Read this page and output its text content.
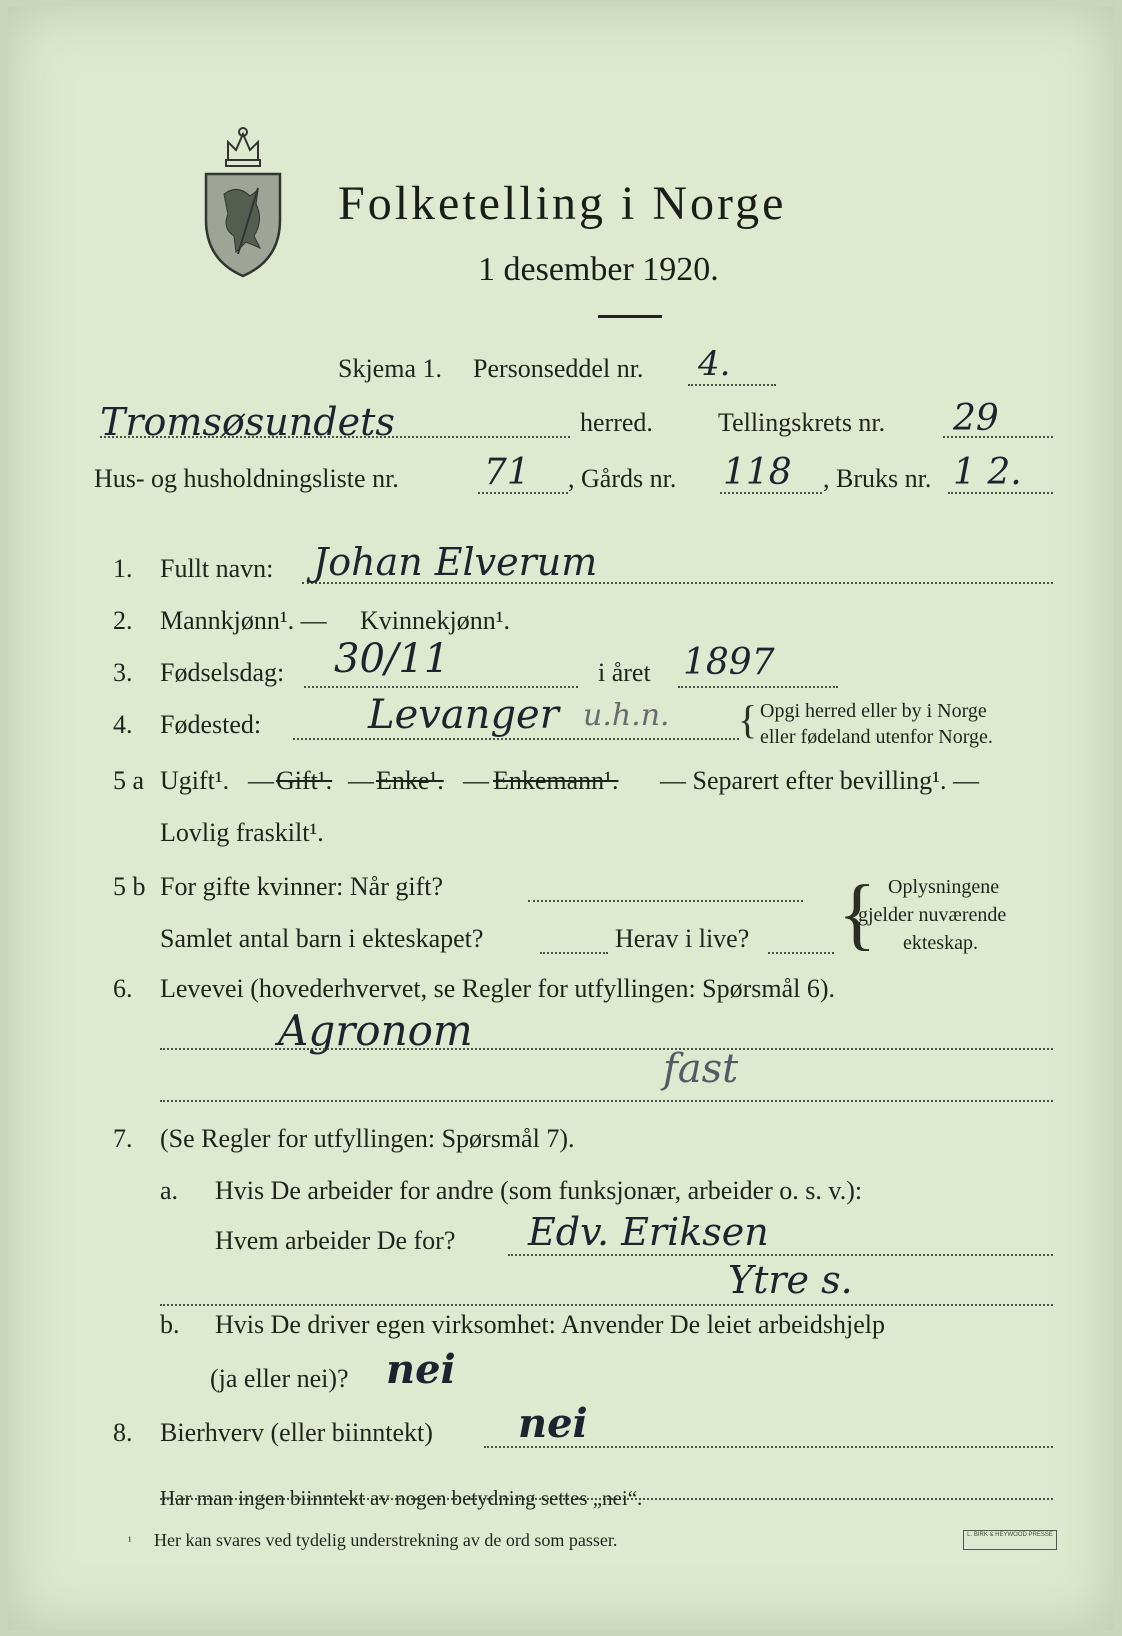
Folketelling i Norge
1 desember 1920.
Skjema 1. Personseddel nr. 4.
Tromsøsundets	herred.	Tellingskrets nr. 29
Hus- og husholdningsliste nr. 71 , Gårds nr. 118 , Bruks nr. 1 2.
1. Fullt navn: Johan Elverum
2. Mannkjønn¹. — Kvinnekjønn¹.
3. Fødselsdag: 30/11	i året 1897
4. Fødested:	Levanger u.h.n. { Opgi herred eller by i Norge
eller fødeland utenfor Norge.
5 a Ugift¹. — Gift¹. — Enke¹. — Enkemann¹. — Separert efter bevilling¹. —
Lovlig fraskilt¹.
5 b For gifte kvinner: Når gift?
Samlet antal barn i ekteskapet?	Herav i live? { Oplysningene
gjelder nuværende
ekteskap.
6. Levevei (hovederhvervet, se Regler for utfyllingen: Spørsmål 6).
Agronom
fast
7. (Se Regler for utfyllingen: Spørsmål 7).
a. Hvis De arbeider for andre (som funksjonær, arbeider o. s. v.):
Hvem arbeider De for? Edv. Eriksen
Ytre s.
b. Hvis De driver egen virksomhet: Anvender De leiet arbeidshjelp
(ja eller nei)? nei
8. Bierhverv (eller biinntekt) nei
Har man ingen biinntekt av nogen betydning settes „nei“.
¹ Her kan svares ved tydelig understrekning av de ord som passer.	L. BIRK & HEYWOOD PRESSE
